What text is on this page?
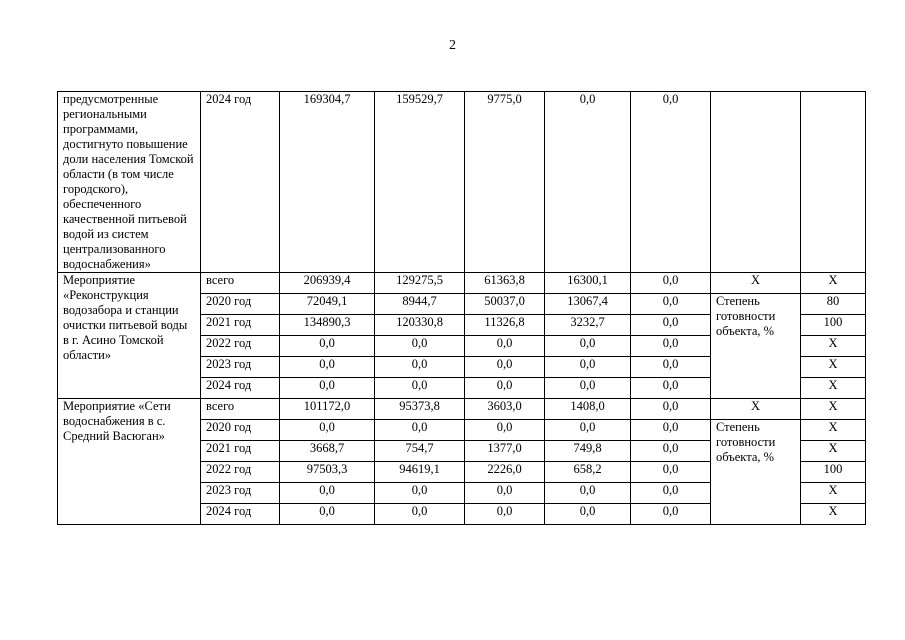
2
предусмотренные региональными программами, достигнуто повышение доли населения Томской области (в том числе городского), обеспеченного качественной питьевой водой из систем централизованного водоснабжения»	2024 год	169304,7	159529,7	9775,0	0,0	0,0		
Мероприятие «Реконструкция водозабора и станции очистки питьевой воды в г. Асино Томской области»	всего	206939,4	129275,5	61363,8	16300,1	0,0	Х	Х
	2020 год	72049,1	8944,7	50037,0	13067,4	0,0	Степень готовности объекта, %	80
	2021 год	134890,3	120330,8	11326,8	3232,7	0,0		100
	2022 год	0,0	0,0	0,0	0,0	0,0		Х
	2023 год	0,0	0,0	0,0	0,0	0,0		Х
	2024 год	0,0	0,0	0,0	0,0	0,0		Х
Мероприятие «Сети водоснабжения в с. Средний Васюган»	всего	101172,0	95373,8	3603,0	1408,0	0,0	Х	Х
	2020 год	0,0	0,0	0,0	0,0	0,0	Степень готовности объекта, %	Х
	2021 год	3668,7	754,7	1377,0	749,8	0,0		Х
	2022 год	97503,3	94619,1	2226,0	658,2	0,0		100
	2023 год	0,0	0,0	0,0	0,0	0,0		Х
	2024 год	0,0	0,0	0,0	0,0	0,0		Х
